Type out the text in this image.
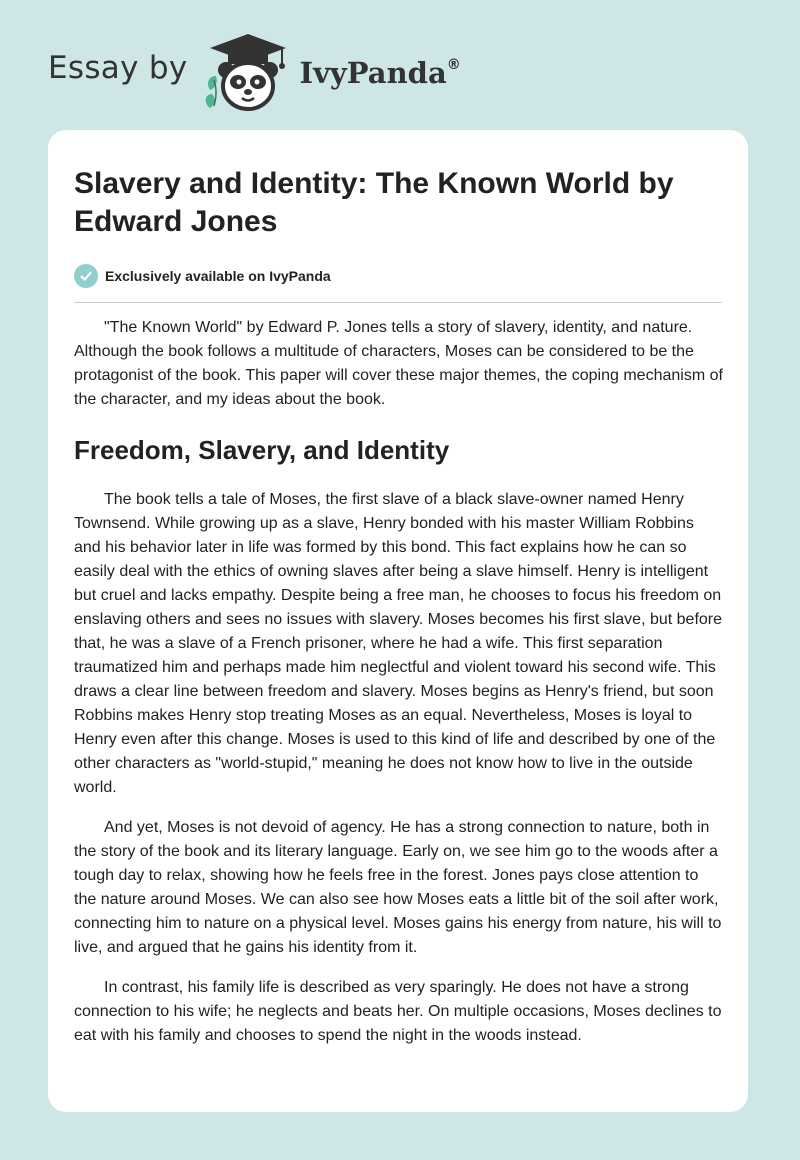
Essay by	IvyPanda®
Slavery and Identity: The Known World by Edward Jones
Exclusively available on IvyPanda

"The Known World" by Edward P. Jones tells a story of slavery, identity, and nature. Although the book follows a multitude of characters, Moses can be considered to be the protagonist of the book. This paper will cover these major themes, the coping mechanism of the character, and my ideas about the book.

Freedom, Slavery, and Identity

The book tells a tale of Moses, the first slave of a black slave-owner named Henry Townsend. While growing up as a slave, Henry bonded with his master William Robbins and his behavior later in life was formed by this bond. This fact explains how he can so easily deal with the ethics of owning slaves after being a slave himself. Henry is intelligent but cruel and lacks empathy. Despite being a free man, he chooses to focus his freedom on enslaving others and sees no issues with slavery. Moses becomes his first slave, but before that, he was a slave of a French prisoner, where he had a wife. This first separation traumatized him and perhaps made him neglectful and violent toward his second wife. This draws a clear line between freedom and slavery. Moses begins as Henry's friend, but soon Robbins makes Henry stop treating Moses as an equal. Nevertheless, Moses is loyal to Henry even after this change. Moses is used to this kind of life and described by one of the other characters as "world-stupid," meaning he does not know how to live in the outside world.

And yet, Moses is not devoid of agency. He has a strong connection to nature, both in the story of the book and its literary language. Early on, we see him go to the woods after a tough day to relax, showing how he feels free in the forest. Jones pays close attention to the nature around Moses. We can also see how Moses eats a little bit of the soil after work, connecting him to nature on a physical level. Moses gains his energy from nature, his will to live, and argued that he gains his identity from it.

In contrast, his family life is described as very sparingly. He does not have a strong connection to his wife; he neglects and beats her. On multiple occasions, Moses declines to eat with his family and chooses to spend the night in the woods instead.
